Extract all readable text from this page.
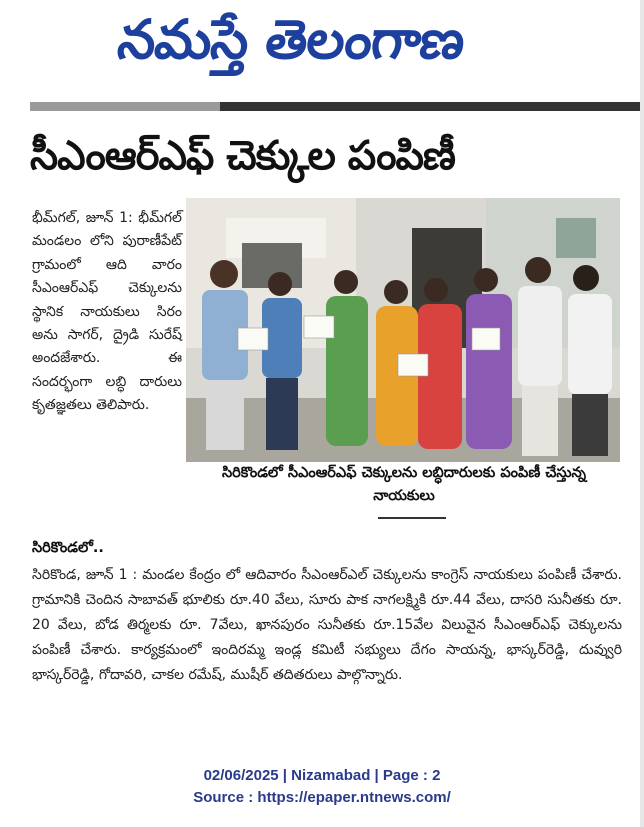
నమస్తే తెలంగాణ
సీఎంఆర్ఎఫ్ చెక్కుల పంపిణీ

భీమ్‌గల్, జూన్ 1: భీమ్‌గల్ మండలం లోని పురాణీపేట్ గ్రామంలో ఆది వారం సీఎంఆర్ఎఫ్ చెక్కులను స్థానిక నాయకులు సిరం అను సాగర్, ద్రైడి సురేష్ అందజేశారు. ఈ సందర్భంగా లబ్ధి దారులు కృతజ్ఞతలు తెలిపారు.

సిరికొండలో సీఎంఆర్ఎఫ్ చెక్కులను లబ్ధిదారులకు పంపిణీ చేస్తున్న నాయకులు
సిరికొండలో..

సిరికొండ, జూన్ 1 : మండల కేంద్రం లో ఆదివారం సీఎంఆర్ఎల్ చెక్కులను కాంగ్రెస్ నాయకులు పంపిణీ చేశారు. గ్రామానికి చెందిన సాబావత్ భూలికు రూ.40 వేలు, సూరు పాక నాగలక్ష్మికి రూ.44 వేలు, దాసరి సునీతకు రూ. 20 వేలు, బోడ తిర్మలకు రూ. 7వేలు, ఖానపురం సునీతకు రూ.15వేల విలువైన సీఎంఆర్ఎఫ్ చెక్కులను పంపిణీ చేశారు. కార్యక్రమంలో ఇందిరమ్మ ఇండ్ల కమిటీ సభ్యులు దేగం సాయన్న, భాస్కర్‌రెడ్డి, దువ్వురి భాస్కర్‌రెడ్డి, గోదావరి, చాకల రమేష్, ముషీర్ తదితరులు పాల్గొన్నారు.

02/06/2025 | Nizamabad | Page : 2
Source : https://epaper.ntnews.com/
